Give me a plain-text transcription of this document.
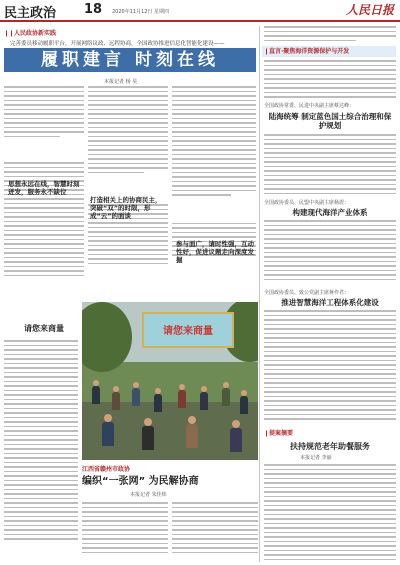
民主政治 18 2020年11月12日 星期四	人民日报
❙❙人民政协新实践
完善委员移动履职平台，开展网络议政、远程协商，全国政协推进信息化智能化建设——
履职建言 时刻在线
本报记者 杨 昊
思想永远在线，智慧时刻迸发，服务永不缺位
打造相关上的协商民主，突破“双”的时限，形成“云”的面谈
参与面广，请时性强，互动性好，促进议题走向深度发掘
请您来商量	请您来商量
江西省赣州市政协
编织“一张网” 为民解协商
本报记者 朱佳炜
❙直言·聚焦海洋资源保护与开发
全国政协常委、民进中央副主席蔡达峰：
陆海统筹 制定蓝色国土综合治理和保护规划
全国政协委员、民盟中央副主席杨震：
构建现代海洋产业体系
全国政协委员、致公党副主席蒋作君：
推进智慧海洋工程体系化建设
❙提案摘要
扶持规范老年助餐服务
本报记者 李丽
